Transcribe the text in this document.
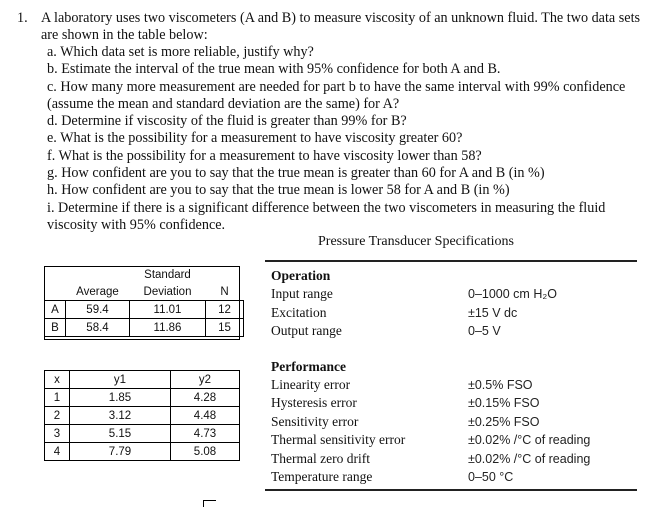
1. A laboratory uses two viscometers (A and B) to measure viscosity of an unknown fluid. The two data sets are shown in the table below:
a. Which data set is more reliable, justify why?
b. Estimate the interval of the true mean with 95% confidence for both A and B.
c. How many more measurement are needed for part b to have the same interval with 99% confidence (assume the mean and standard deviation are the same) for A?
d. Determine if viscosity of the fluid is greater than 99% for B?
e. What is the possibility for a measurement to have viscosity greater 60?
f. What is the possibility for a measurement to have viscosity lower than 58?
g. How confident are you to say that the true mean is greater than 60 for A and B (in %)
h. How confident are you to say that the true mean is lower 58 for A and B (in %)
i. Determine if there is a significant difference between the two viscometers in measuring the fluid viscosity with 95% confidence.
		Standard	
	Average	Deviation	N
A	59.4	11.01	12
B	58.4	11.86	15
x	y1	y2
1	1.85	4.28
2	3.12	4.48
3	5.15	4.73
4	7.79	5.08
Pressure Transducer Specifications
Operation
Input range	0–1000 cm H₂O
Excitation	±15 V dc
Output range	0–5 V
Performance
Linearity error	±0.5% FSO
Hysteresis error	±0.15% FSO
Sensitivity error	±0.25% FSO
Thermal sensitivity error	±0.02% /°C of reading
Thermal zero drift	±0.02% /°C of reading
Temperature range	0–50 °C
